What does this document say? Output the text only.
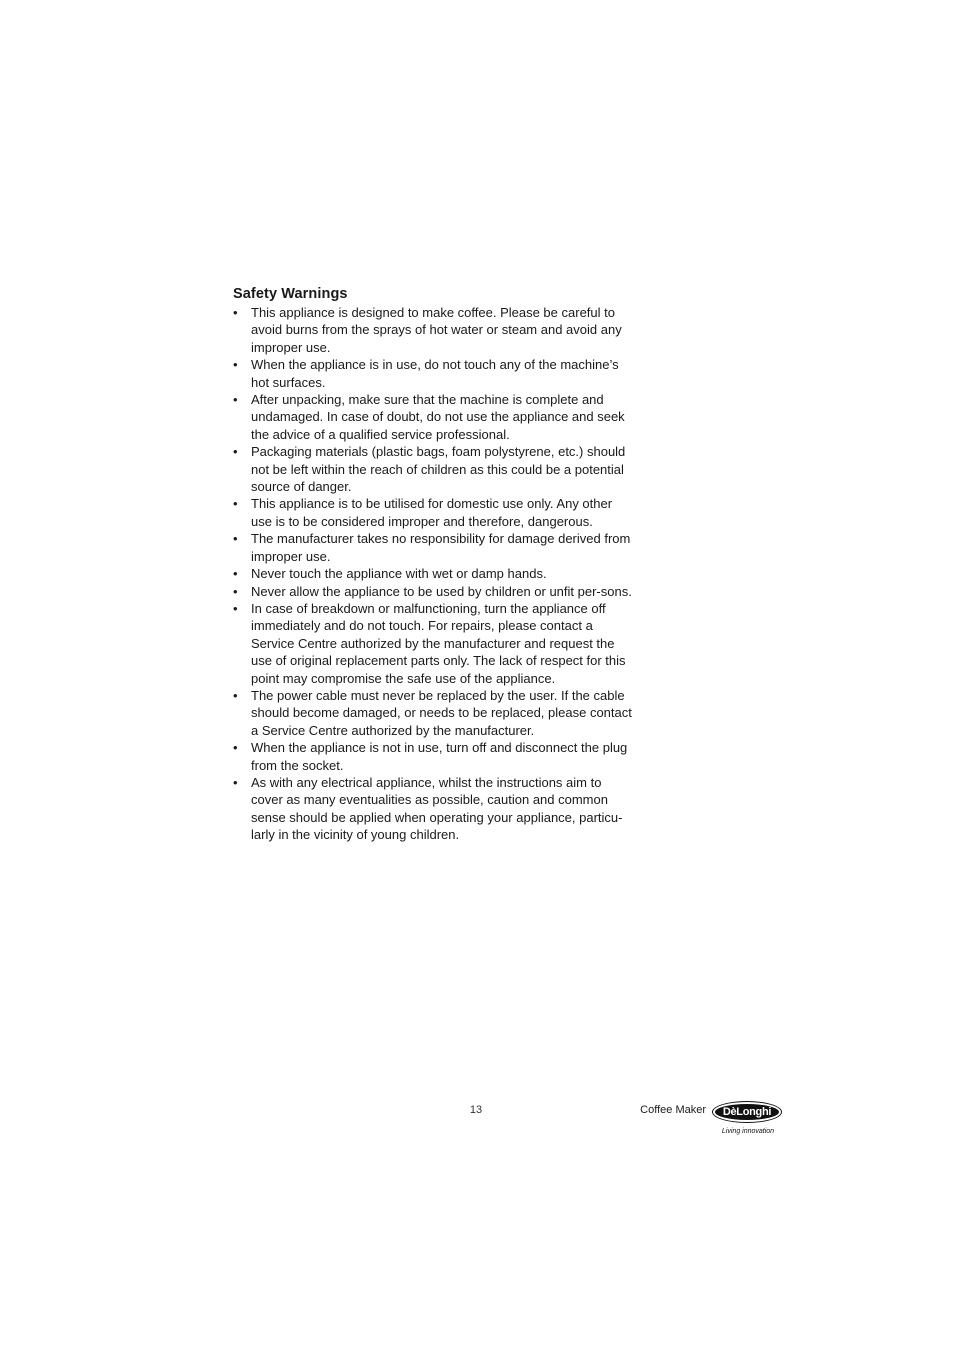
Safety Warnings
•	This appliance is designed to make coffee. Please be careful to avoid burns from the sprays of hot water or steam and avoid any improper use.
•	When the appliance is in use, do not touch any of the machine’s hot surfaces.
•	After unpacking, make sure that the machine is complete and undamaged. In case of doubt, do not use the appliance and seek the advice of a qualified service professional.
•	Packaging materials (plastic bags, foam polystyrene, etc.) should not be left within the reach of children as this could be a potential source of danger.
•	This appliance is to be utilised for domestic use only. Any other use is to be considered improper and therefore, dangerous.
•	The manufacturer takes no responsibility for damage derived from improper use.
•	Never touch the appliance with wet or damp hands.
•	Never allow the appliance to be used by children or unfit per-sons.
•	In case of breakdown or malfunctioning, turn the appliance off immediately and do not touch. For repairs, please contact a Service Centre authorized by the manufacturer and request the use of original replacement parts only. The lack of respect for this point may compromise the safe use of the appliance.
•	The power cable must never be replaced by the user. If the cable should become damaged, or needs to be replaced, please contact a Service Centre authorized by the manufacturer.
•	When the appliance is not in use, turn off and disconnect the plug from the socket.
•	As with any electrical appliance, whilst the instructions aim to cover as many eventualities as possible, caution and common sense should be applied when operating your appliance, particu-larly in the vicinity of young children.
13	Coffee Maker	DèLonghi
Living innovation
